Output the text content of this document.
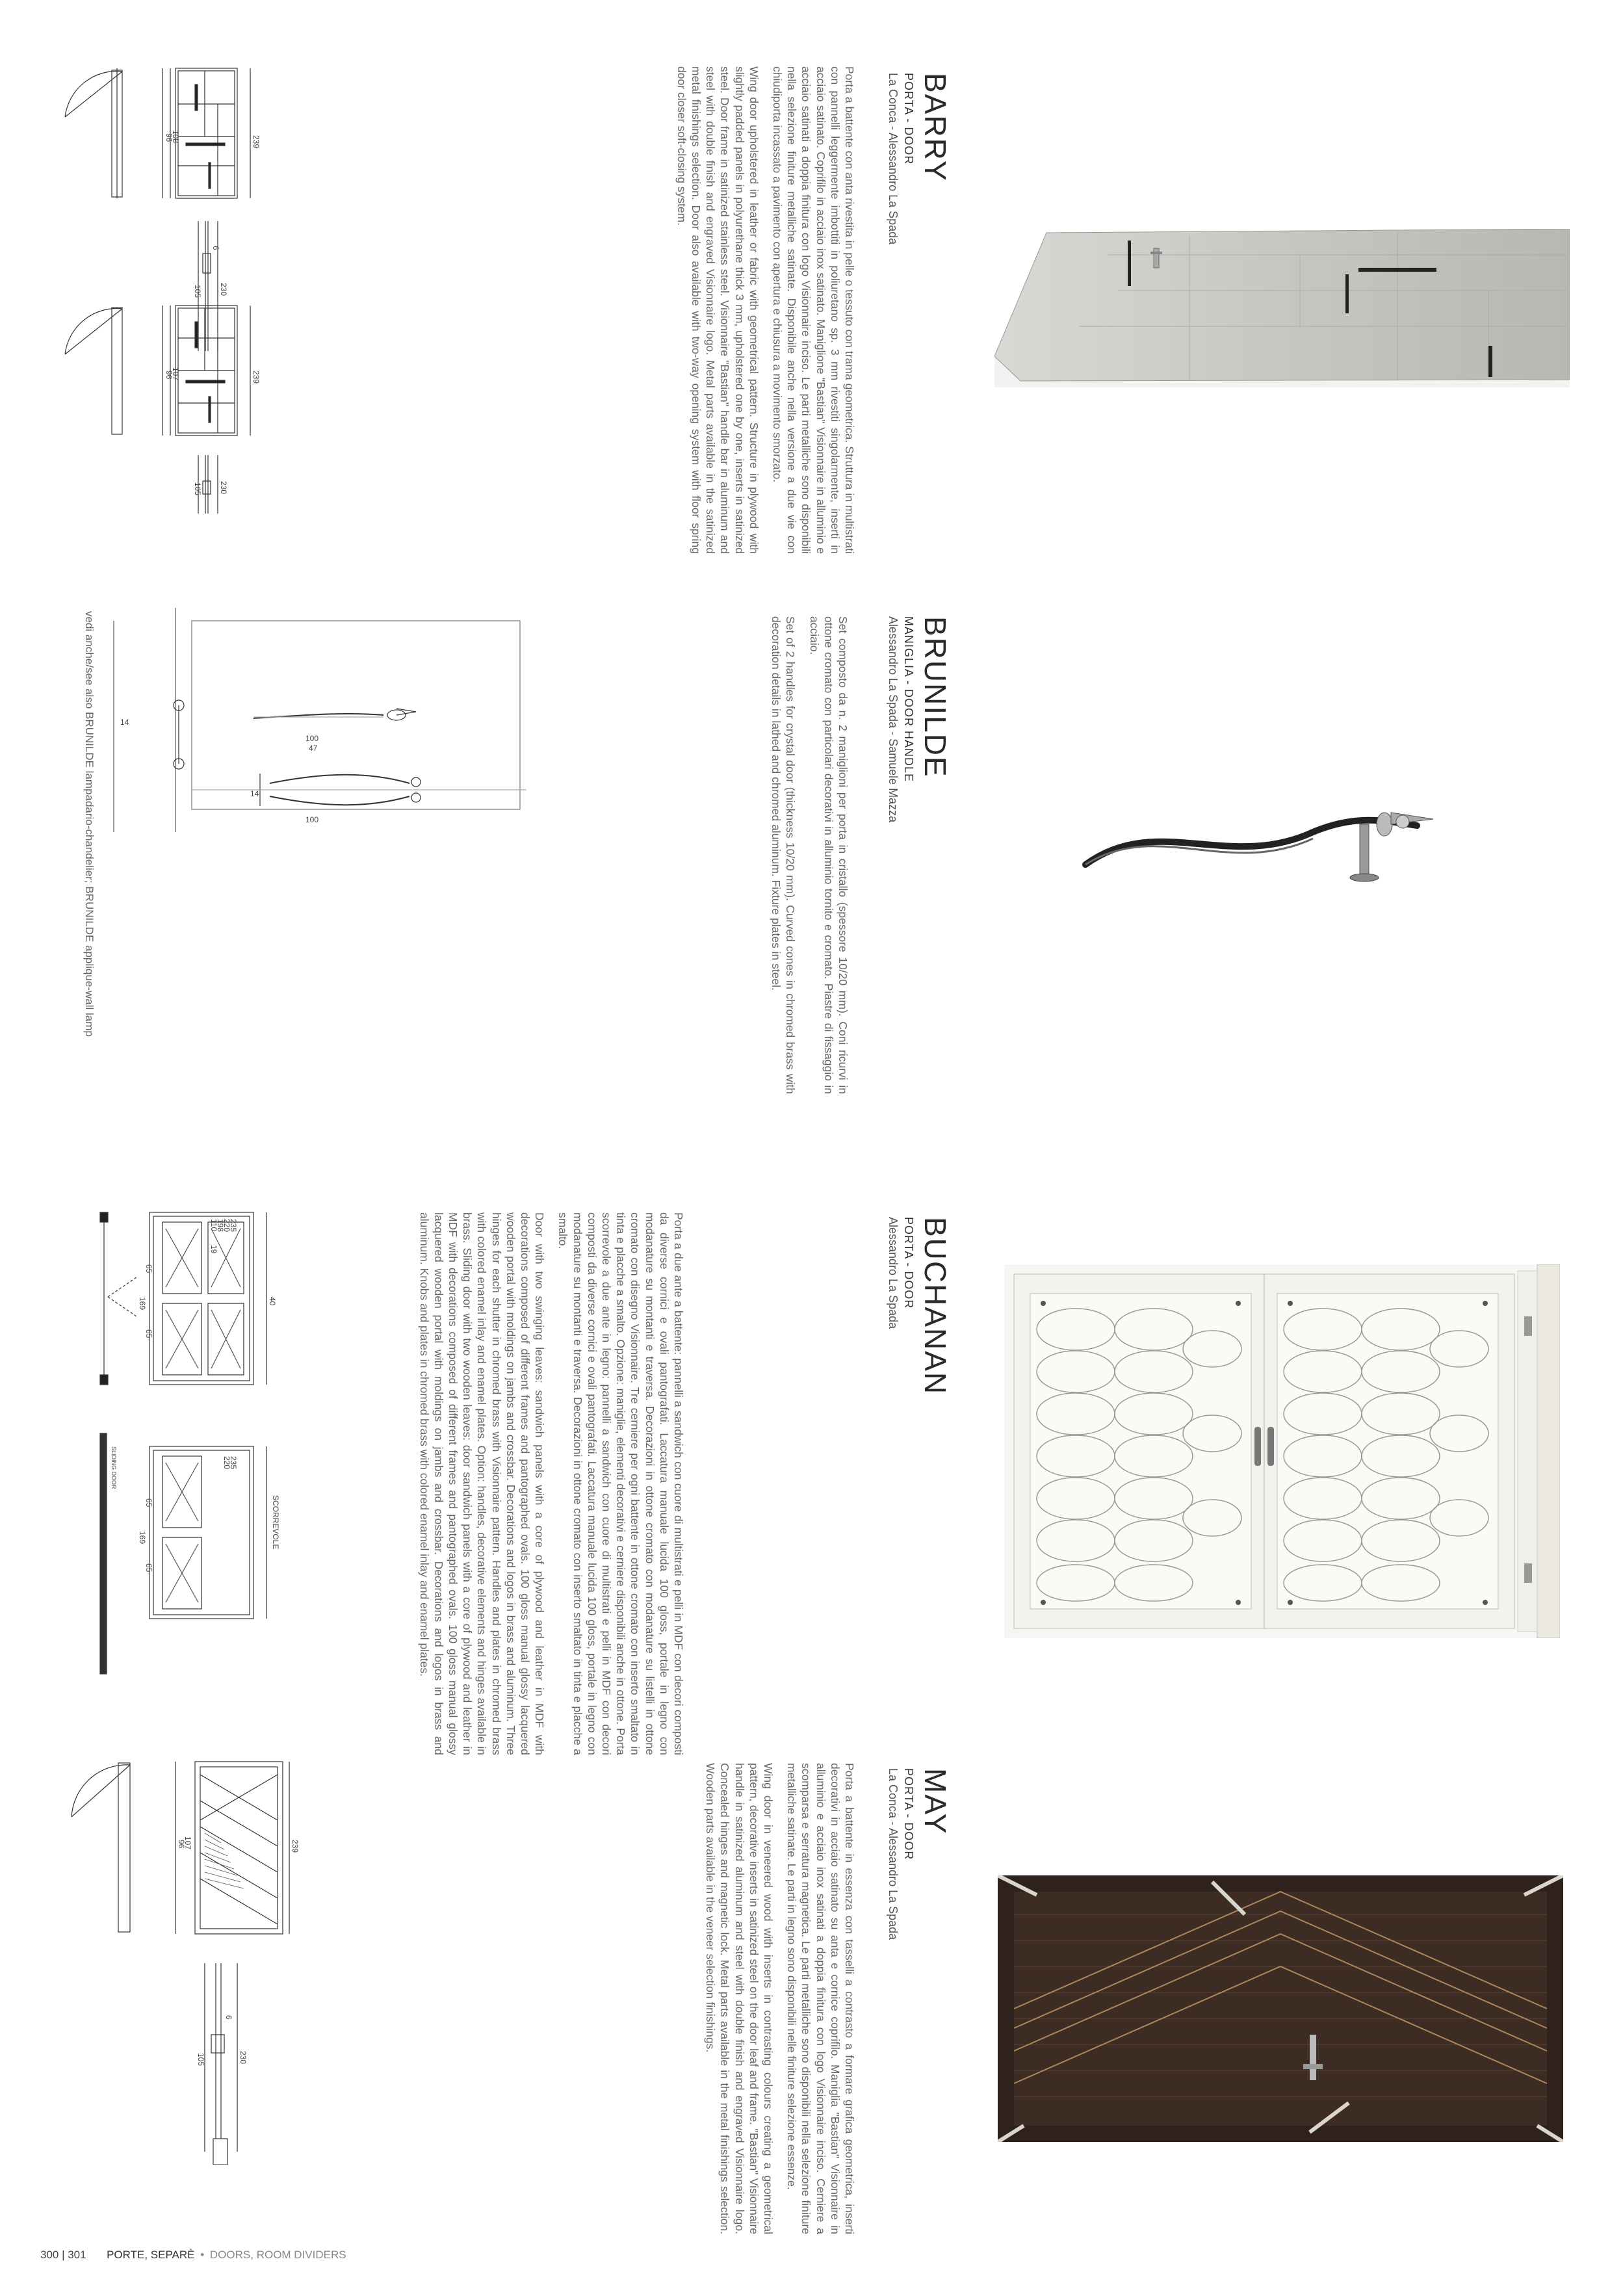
BARRY
PORTA - DOOR
La Conca - Alessandro La Spada

Porta a battente con anta rivestita in pelle o tessuto con trama geometrica. Struttura in multistrati con pannelli leggermente imbottiti in poliuretano sp. 3 mm rivestiti singolarmente, inserti in acciaio satinato. Coprifilo in acciaio inox satinato. Maniglione "Bastian" Visionnaire in alluminio e acciaio satinati a doppia finitura con logo Visionnaire inciso. Le parti metalliche sono disponibili nella selezione finiture metalliche satinate. Disponibile anche nella versione a due vie con chiudiporta incassato a pavimento con apertura e chiusura a movimento smorzato.

Wing door upholstered in leather or fabric with geometrical pattern. Structure in plywood with slightly padded panels in polyurethane thick 3 mm, upholstered one by one, inserts in satinized steel. Door frame in satinized stainless steel. Visionnaire "Bastian" handle bar in aluminum and steel with double finish and engraved Visionnaire logo. Metal parts available in the satinized metal finishings selection. Door also available with two-way opening system with floor spring door closer soft-closing system.

239
96
108
230
105
6
239
96
107
230
105
BRUNILDE
MANIGLIA - DOOR HANDLE
Alessandro La Spada - Samuele Mazza

Set composto da n. 2 maniglioni per porta in cristallo (spessore 10/20 mm). Coni ricurvi in ottone cromato con particolari decorativi in alluminio tornito e cromato. Piastre di fissaggio in acciaio.

Set of 2 handles for crystal door (thickness 10/20 mm). Curved cones in chromed brass with decoration details in lathed and chromed aluminum. Fixture plates in steel.

100
47
100
14
14
vedi anche/see also BRUNILDE lampadario-chandelier; BRUNILDE applique-wall lamp
BUCHANAN
PORTA - DOOR
Alessandro La Spada

Porta a due ante a battente: pannelli a sandwich con cuore di multistrati e pelli in MDF con decori composti da diverse cornici e ovali pantografati. Laccatura manuale lucida 100 gloss, portale in legno con modanature su montanti e traversa. Decorazioni in ottone cromato con modanature su listelli in ottone cromato con disegno Visionnaire. Tre cerniere per ogni battente in ottone cromato con inserto smaltato in tinta e placche a smalto. Opzione: maniglie, elementi decorativi e cerniere disponibili anche in ottone. Porta scorrevole a due ante in legno: pannelli a sandwich con cuore di multistrati e pelli in MDF con decori composti da diverse cornici e ovali pantografati. Laccatura manuale lucida 100 gloss, portale in legno con modanature su montanti e traversa. Decorazioni in ottone cromato con inserto smaltato in tinta e placche a smalto.

Door with two swinging leaves: sandwich panels with a core of plywood and leather in MDF with decorations composed of different frames and pantographed ovals. 100 gloss manual glossy lacquered wooden portal with moldings on jambs and crossbar. Decorations and logos in brass and aluminum. Three hinges for each shutter in chromed brass with Visionnaire pattern. Handles and plates in chromed brass with colored enamel inlay and enamel plates. Option: handles, decorative elements and hinges available in brass. Sliding door with two wooden leaves: door sandwich panels with a core of plywood and leather in MDF with decorations composed of different frames and pantographed ovals. 100 gloss manual glossy lacquered wooden portal with moldings on jambs and crossbar. Decorations and logos in brass and aluminum. Knobs and plates in chromed brass with colored enamel inlay and enamel plates.

235
220
198
110
19
65
169
65
40
235
220
65
169
65
SCORREVOLE
SLIDING DOOR
MAY
PORTA - DOOR
La Conca - Alessandro La Spada

Porta a battente in essenza con tasselli a contrasto a formare grafica geometrica, inserti decorativi in acciaio satinato su anta e cornice coprifilo. Maniglia "Bastian" Visionnaire in alluminio e acciaio inox satinati a doppia finitura con logo Visionnaire inciso. Cerniere a scomparsa e serratura magnetica. Le parti metalliche sono disponibili nella selezione finiture metalliche satinate. Le parti in legno sono disponibili nelle finiture selezione essenze.

Wing door in veneered wood with inserts in contrasting colours creating a geometrical pattern, decorative inserts in satinized steel on the door leaf and frame. "Bastian" Visionnaire handle in satinized aluminum and steel with double finish and engraved Visionnaire logo. Concealed hinges and magnetic lock. Metal parts available in the metal finishings selection. Wooden parts available in the veneer selection finishings.

239
96
107
230
105
6
300 | 301 PORTE, SEPARÈ • DOORS, ROOM DIVIDERS
